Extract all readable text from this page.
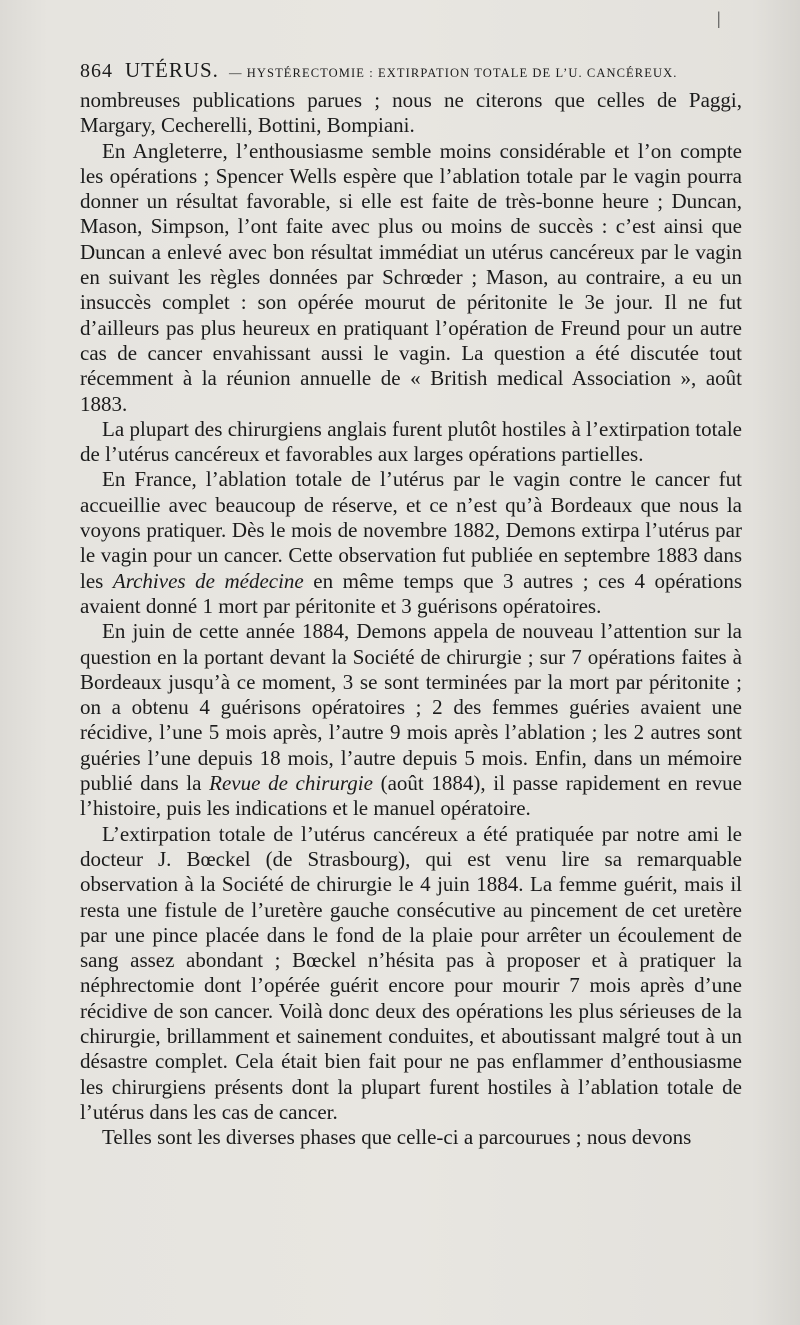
|
864 UTÉRUS. — HYSTÉRECTOMIE : EXTIRPATION TOTALE DE L’U. CANCÉREUX.

nombreuses publications parues ; nous ne citerons que celles de Paggi, Margary, Cecherelli, Bottini, Bompiani.

En Angleterre, l’enthousiasme semble moins considérable et l’on compte les opérations ; Spencer Wells espère que l’ablation totale par le vagin pourra donner un résultat favorable, si elle est faite de très-bonne heure ; Duncan, Mason, Simpson, l’ont faite avec plus ou moins de succès : c’est ainsi que Duncan a enlevé avec bon résultat immédiat un utérus cancéreux par le vagin en suivant les règles données par Schrœder ; Mason, au contraire, a eu un insuccès complet : son opérée mourut de péritonite le 3e jour. Il ne fut d’ailleurs pas plus heureux en pratiquant l’opération de Freund pour un autre cas de cancer envahissant aussi le vagin. La question a été discutée tout récemment à la réunion annuelle de « British medical Association », août 1883.

La plupart des chirurgiens anglais furent plutôt hostiles à l’extirpation totale de l’utérus cancéreux et favorables aux larges opérations partielles.

En France, l’ablation totale de l’utérus par le vagin contre le cancer fut accueillie avec beaucoup de réserve, et ce n’est qu’à Bordeaux que nous la voyons pratiquer. Dès le mois de novembre 1882, Demons extirpa l’utérus par le vagin pour un cancer. Cette observation fut publiée en septembre 1883 dans les Archives de médecine en même temps que 3 autres ; ces 4 opérations avaient donné 1 mort par péritonite et 3 guérisons opératoires.

En juin de cette année 1884, Demons appela de nouveau l’attention sur la question en la portant devant la Société de chirurgie ; sur 7 opérations faites à Bordeaux jusqu’à ce moment, 3 se sont terminées par la mort par péritonite ; on a obtenu 4 guérisons opératoires ; 2 des femmes guéries avaient une récidive, l’une 5 mois après, l’autre 9 mois après l’ablation ; les 2 autres sont guéries l’une depuis 18 mois, l’autre depuis 5 mois. Enfin, dans un mémoire publié dans la Revue de chirurgie (août 1884), il passe rapidement en revue l’histoire, puis les indications et le manuel opératoire.

L’extirpation totale de l’utérus cancéreux a été pratiquée par notre ami le docteur J. Bœckel (de Strasbourg), qui est venu lire sa remarquable observation à la Société de chirurgie le 4 juin 1884. La femme guérit, mais il resta une fistule de l’uretère gauche consécutive au pincement de cet uretère par une pince placée dans le fond de la plaie pour arrêter un écoulement de sang assez abondant ; Bœckel n’hésita pas à proposer et à pratiquer la néphrectomie dont l’opérée guérit encore pour mourir 7 mois après d’une récidive de son cancer. Voilà donc deux des opérations les plus sérieuses de la chirurgie, brillamment et sainement conduites, et aboutissant malgré tout à un désastre complet. Cela était bien fait pour ne pas enflammer d’enthousiasme les chirurgiens présents dont la plupart furent hostiles à l’ablation totale de l’utérus dans les cas de cancer.

Telles sont les diverses phases que celle-ci a parcourues ; nous devons
